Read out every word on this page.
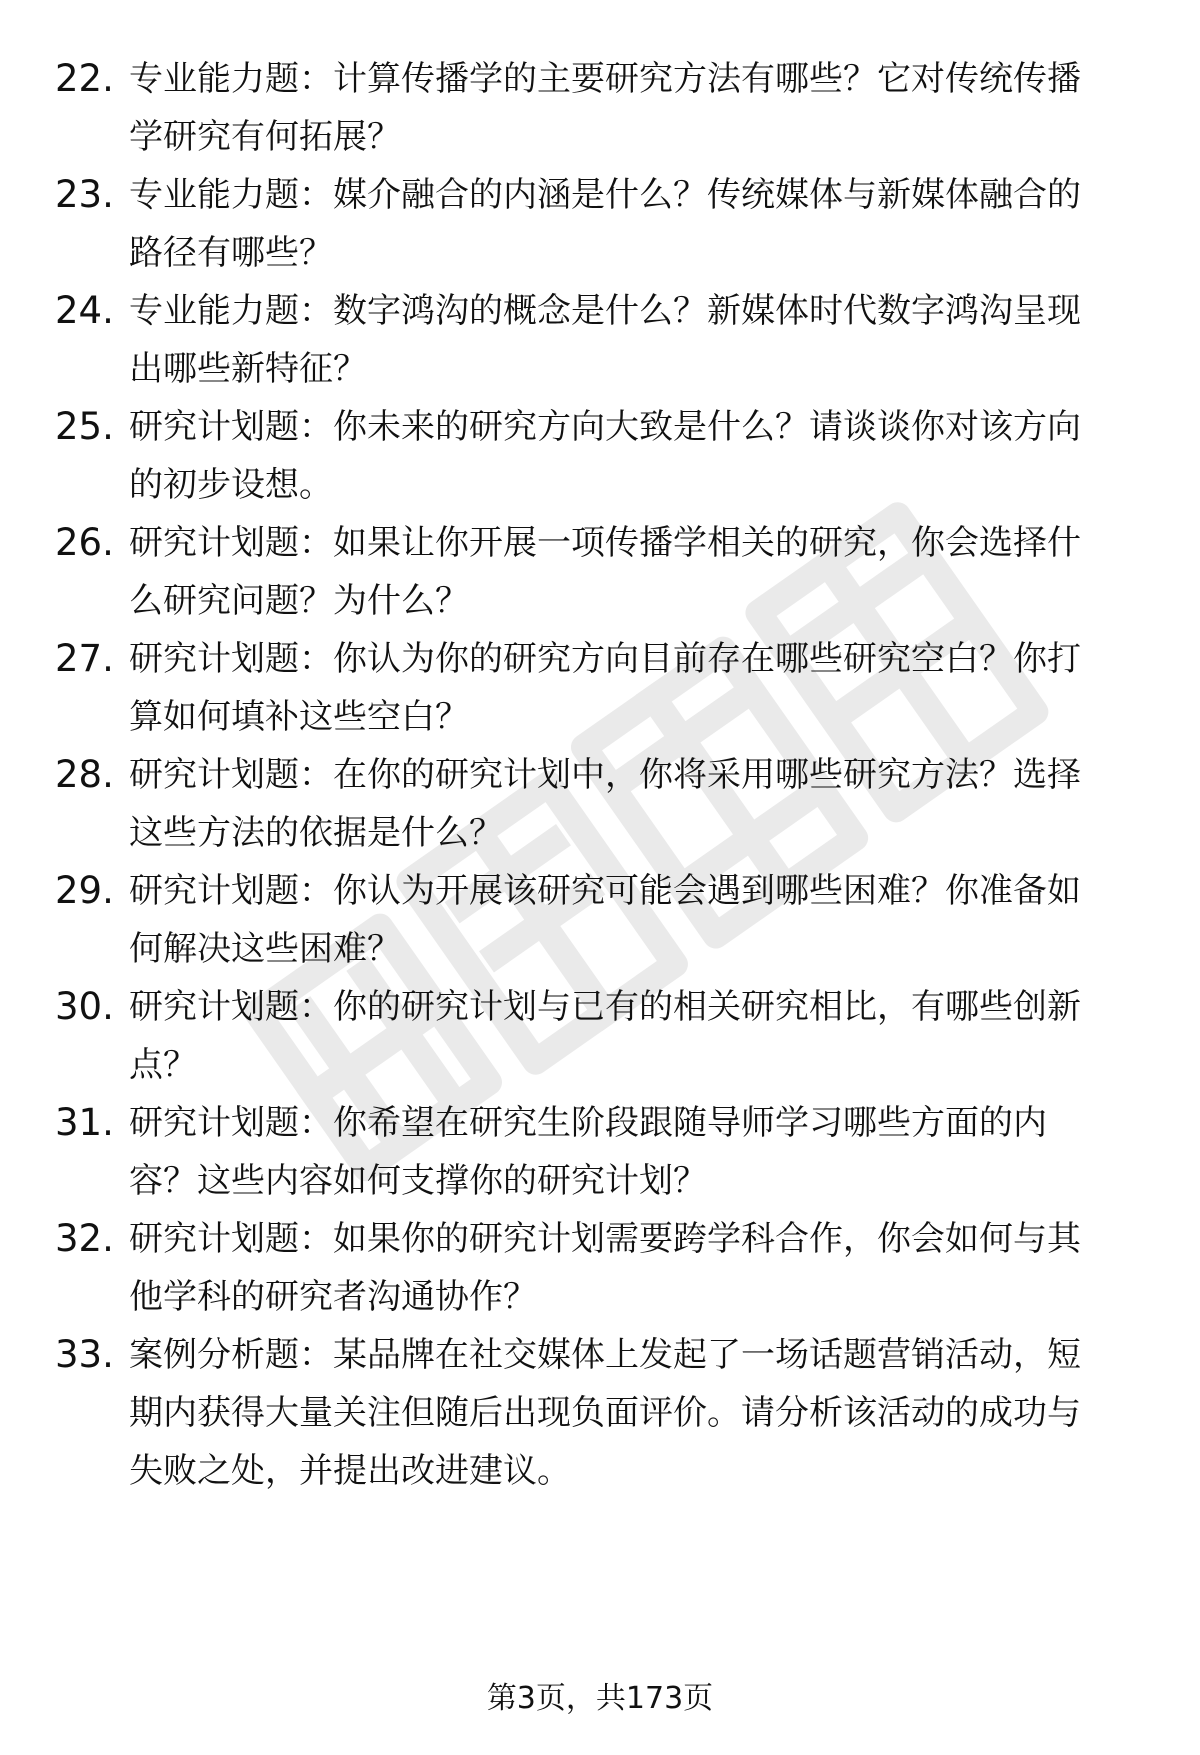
22. 专业能力题：计算传播学的主要研究方法有哪些？它对传统传播
学研究有何拓展？
23. 专业能力题：媒介融合的内涵是什么？传统媒体与新媒体融合的
路径有哪些？
24. 专业能力题：数字鸿沟的概念是什么？新媒体时代数字鸿沟呈现
出哪些新特征？
25. 研究计划题：你未来的研究方向大致是什么？请谈谈你对该方向
的初步设想。
26. 研究计划题：如果让你开展一项传播学相关的研究，你会选择什
么研究问题？为什么？
27. 研究计划题：你认为你的研究方向目前存在哪些研究空白？你打
算如何填补这些空白？
28. 研究计划题：在你的研究计划中，你将采用哪些研究方法？选择
这些方法的依据是什么？
29. 研究计划题：你认为开展该研究可能会遇到哪些困难？你准备如
何解决这些困难？
30. 研究计划题：你的研究计划与已有的相关研究相比，有哪些创新
点？
31. 研究计划题：你希望在研究生阶段跟随导师学习哪些方面的内
容？这些内容如何支撑你的研究计划？
32. 研究计划题：如果你的研究计划需要跨学科合作，你会如何与其
他学科的研究者沟通协作？
33. 案例分析题：某品牌在社交媒体上发起了一场话题营销活动，短
期内获得大量关注但随后出现负面评价。请分析该活动的成功与
失败之处，并提出改进建议。
第3页，共173页
